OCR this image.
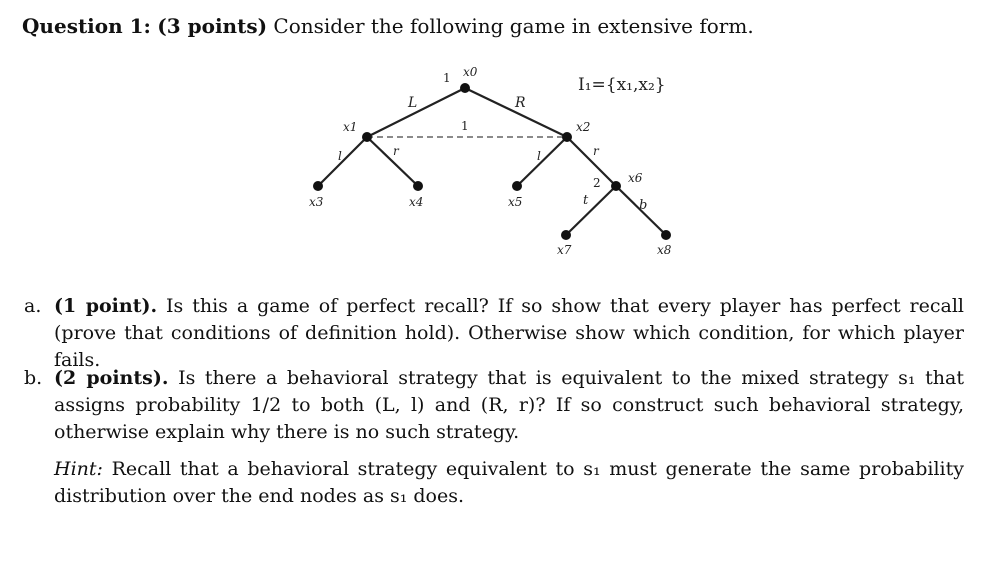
Question 1: (3 points) Consider the following game in extensive form.
I₁={x₁,x₂}
x0
1
L	R
1
x1	x2
l	r	l	r
x3	x4	x5
x6
2
t	b
x7	x8
a. (1 point). Is this a game of perfect recall? If so show that every player has perfect recall (prove that conditions of definition hold). Otherwise show which condition, for which player fails.
b. (2 points). Is there a behavioral strategy that is equivalent to the mixed strategy s₁ that assigns probability 1/2 to both (L, l) and (R, r)? If so construct such behavioral strategy, otherwise explain why there is no such strategy.
Hint: Recall that a behavioral strategy equivalent to s₁ must generate the same probability distribution over the end nodes as s₁ does.
